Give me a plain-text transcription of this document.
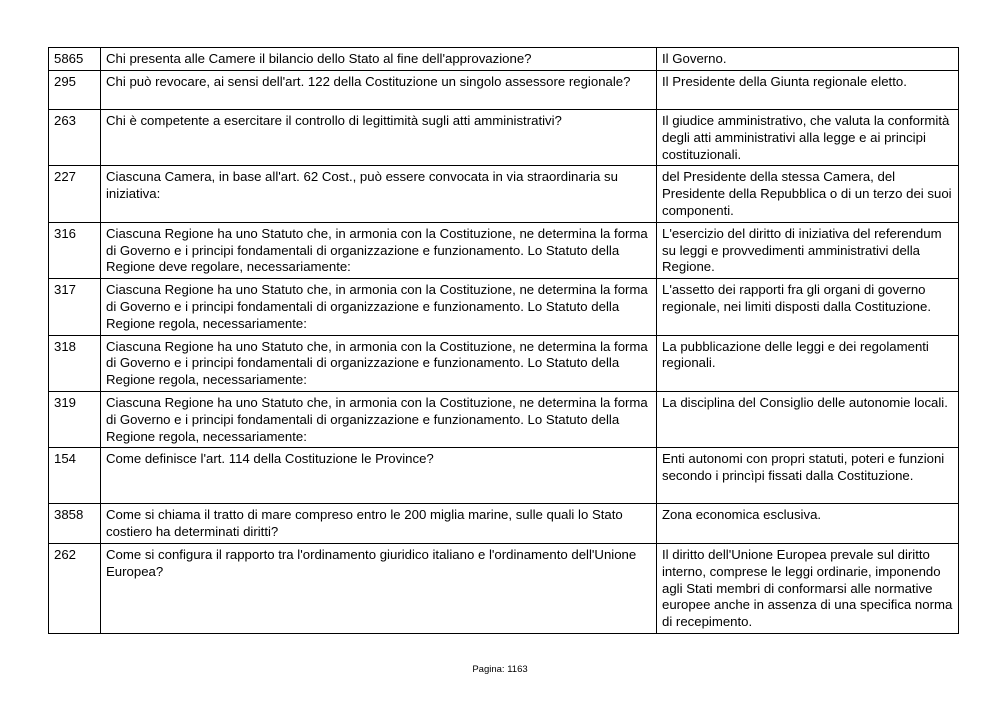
5865	Chi presenta alle Camere il bilancio dello Stato al fine dell'approvazione?	Il Governo.
295	Chi può revocare, ai sensi dell'art. 122 della Costituzione un singolo assessore regionale?	Il Presidente della Giunta regionale eletto.
263	Chi è competente a esercitare il controllo di legittimità sugli atti amministrativi?	Il giudice amministrativo, che valuta la conformità degli atti amministrativi alla legge e ai principi costituzionali.
227	Ciascuna Camera, in base all'art. 62 Cost., può essere convocata in via straordinaria su iniziativa:	del Presidente della stessa Camera, del Presidente della Repubblica o di un terzo dei suoi componenti.
316	Ciascuna Regione ha uno Statuto che, in armonia con la Costituzione, ne determina la forma di Governo e i principi fondamentali di organizzazione e funzionamento. Lo Statuto della Regione deve regolare, necessariamente:	L'esercizio del diritto di iniziativa del referendum su leggi e provvedimenti amministrativi della Regione.
317	Ciascuna Regione ha uno Statuto che, in armonia con la Costituzione, ne determina la forma di Governo e i principi fondamentali di organizzazione e funzionamento. Lo Statuto della Regione regola, necessariamente:	L'assetto dei rapporti fra gli organi di governo regionale, nei limiti disposti dalla Costituzione.
318	Ciascuna Regione ha uno Statuto che, in armonia con la Costituzione, ne determina la forma di Governo e i principi fondamentali di organizzazione e funzionamento. Lo Statuto della Regione regola, necessariamente:	La pubblicazione delle leggi e dei regolamenti regionali.
319	Ciascuna Regione ha uno Statuto che, in armonia con la Costituzione, ne determina la forma di Governo e i principi fondamentali di organizzazione e funzionamento. Lo Statuto della Regione regola, necessariamente:	La disciplina del Consiglio delle autonomie locali.
154	Come definisce l'art. 114 della Costituzione le Province?	Enti autonomi con propri statuti, poteri e funzioni secondo i princìpi fissati dalla Costituzione.
3858	Come si chiama il tratto di mare compreso entro le 200 miglia marine, sulle quali lo Stato costiero ha determinati diritti?	Zona economica esclusiva.
262	Come si configura il rapporto tra l'ordinamento giuridico italiano e l'ordinamento dell'Unione Europea?	Il diritto dell'Unione Europea prevale sul diritto interno, comprese le leggi ordinarie, imponendo agli Stati membri di conformarsi alle normative europee anche in assenza di una specifica norma di recepimento.
Pagina: 1163
